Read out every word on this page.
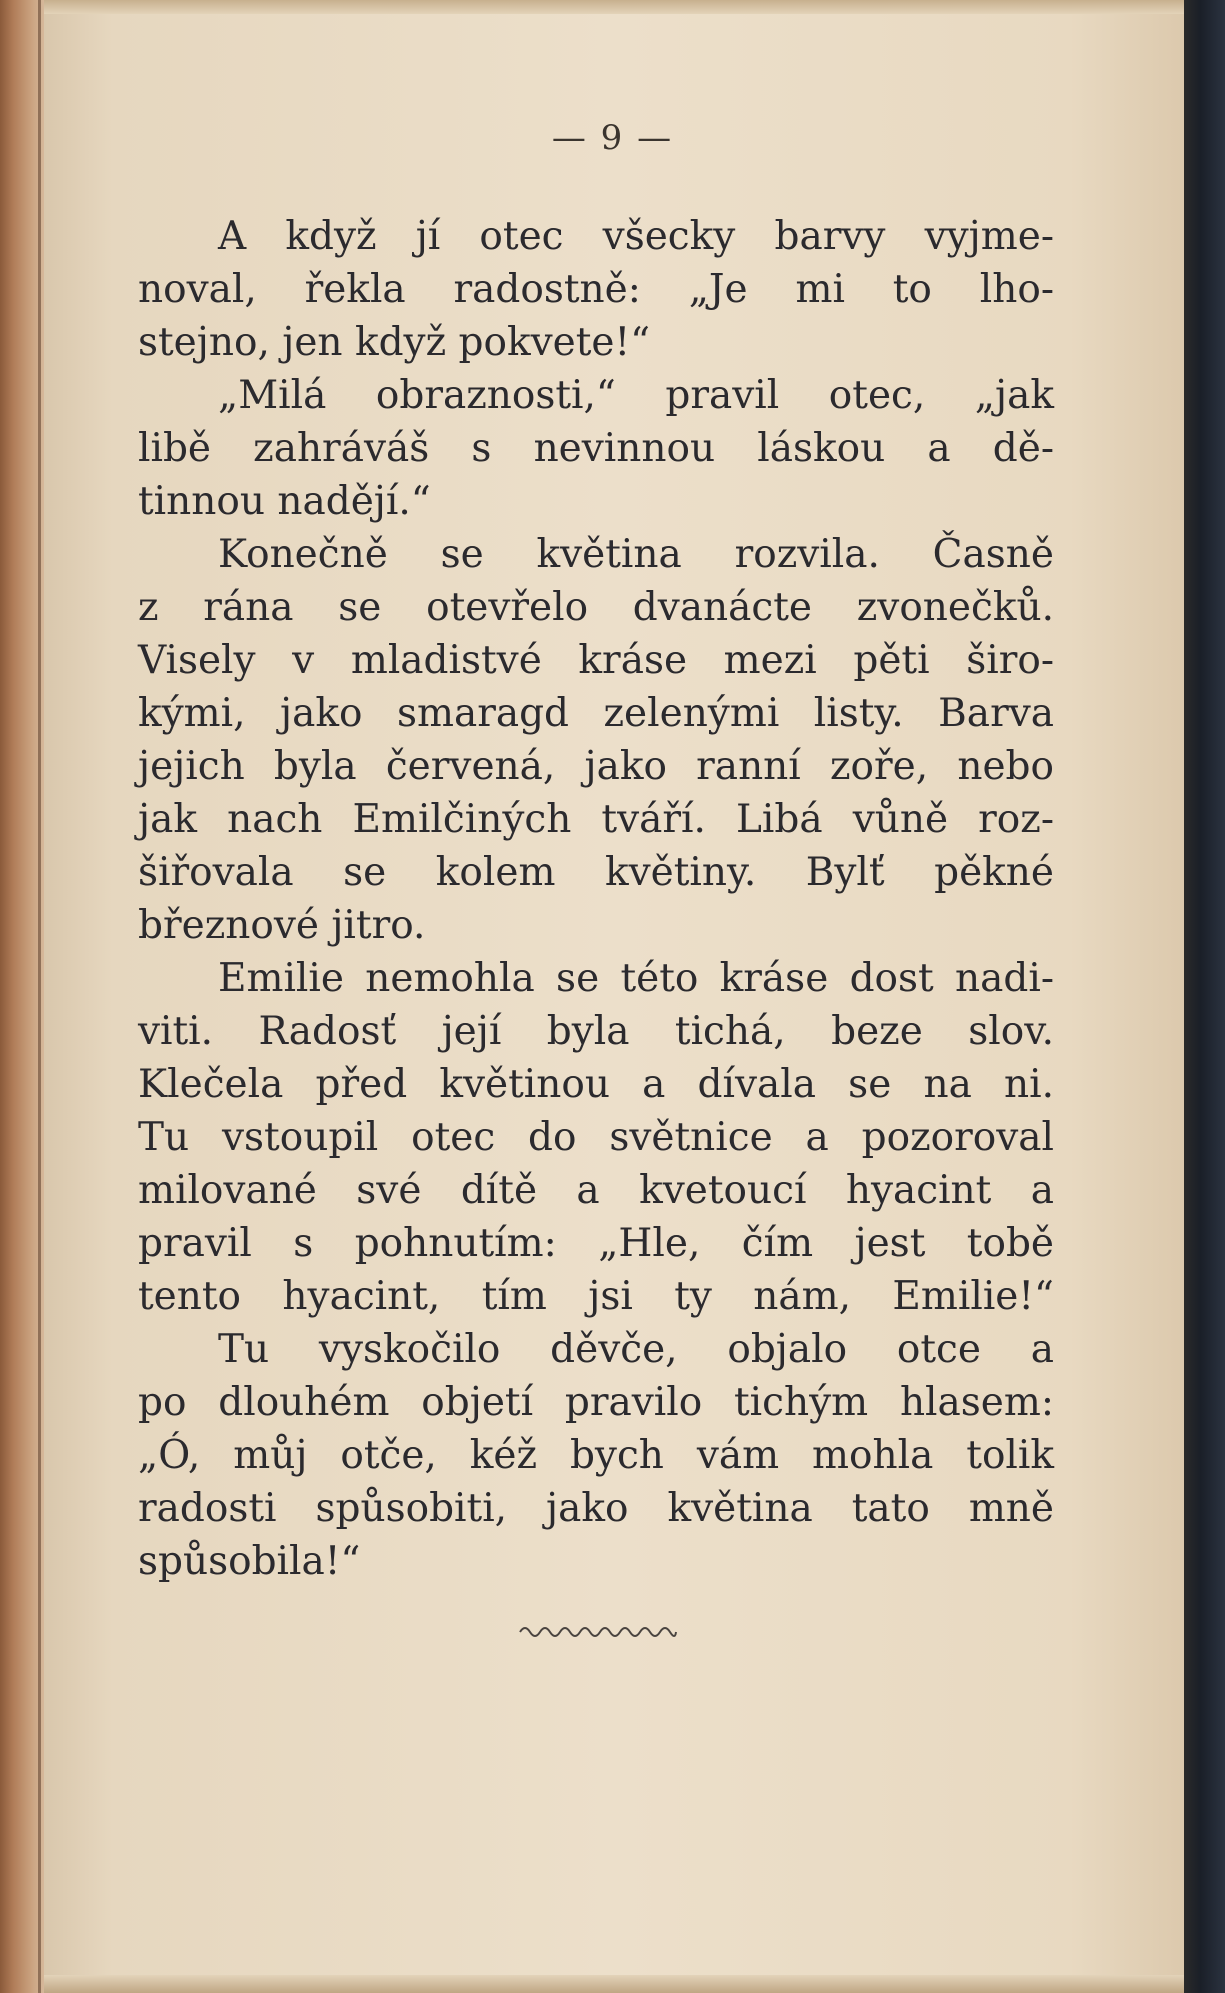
— 9 —
A když jí otec všecky barvy vyjme-
noval, řekla radostně: „Je mi to lho-
stejno, jen když pokvete!“
„Milá obraznosti,“ pravil otec, „jak
libě zahráváš s nevinnou láskou a dě-
tinnou nadějí.“
Konečně se květina rozvila. Časně
z rána se otevřelo dvanácte zvonečků.
Visely v mladistvé kráse mezi pěti širo-
kými, jako smaragd zelenými listy. Barva
jejich byla červená, jako ranní zoře, nebo
jak nach Emilčiných tváří. Libá vůně roz-
šiřovala se kolem květiny. Bylť pěkné
březnové jitro.
Emilie nemohla se této kráse dost nadi-
viti. Radosť její byla tichá, beze slov.
Klečela před květinou a dívala se na ni.
Tu vstoupil otec do světnice a pozoroval
milované své dítě a kvetoucí hyacint a
pravil s pohnutím: „Hle, čím jest tobě
tento hyacint, tím jsi ty nám, Emilie!“
Tu vyskočilo děvče, objalo otce a
po dlouhém objetí pravilo tichým hlasem:
„Ó, můj otče, kéž bych vám mohla tolik
radosti spůsobiti, jako květina tato mně
spůsobila!“
